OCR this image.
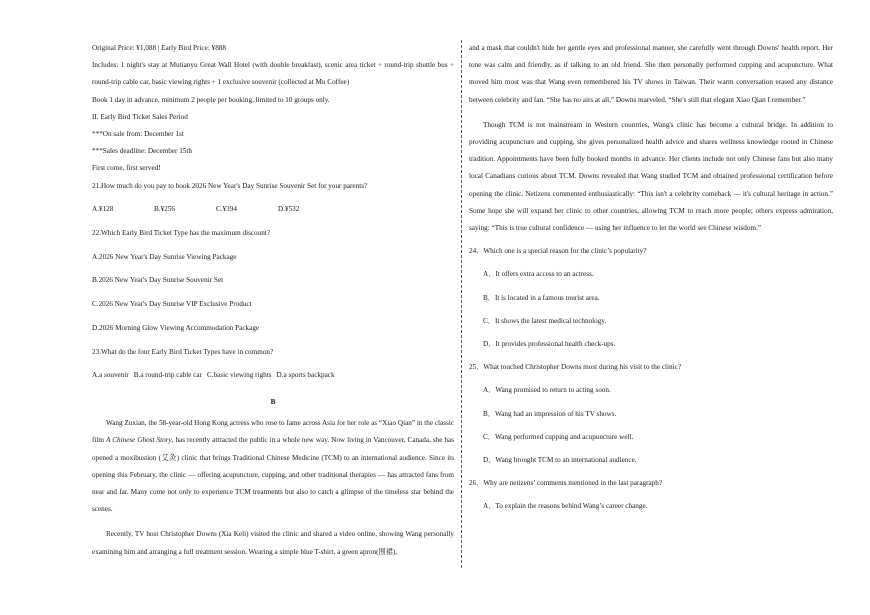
Original Price: ¥1,088 | Early Bird Price: ¥888

Includes: 1 night's stay at Mutianyu Great Wall Hotel (with double breakfast), scenic area ticket + round-trip shuttle bus + round-trip cable car, basic viewing rights + 1 exclusive souvenir (collected at Mu Coffee)

Book 1 day in advance, minimum 2 people per booking, limited to 10 groups only.

II. Early Bird Ticket Sales Period

***On sale from: December 1st

***Sales deadline: December 15th

First come, first served!

21.How much do you pay to book 2026 New Year's Day Sunrise Souvenir Set for your parents?

A.¥128	B.¥256	C.¥394	D.¥532

22.Which Early Bird Ticket Type has the maximum discount?

A.2026 New Year's Day Sunrise Viewing Package

B.2026 New Year's Day Sunrise Souvenir Set

C.2026 New Year's Day Sunrise VIP Exclusive Product

D.2026 Morning Glow Viewing Accommodation Package

23.What do the four Early Bird Ticket Types have in common?

A.a souvenir B.a round-trip cable car C.basic viewing rights D.a sports backpack

B

Wang Zuxian, the 58-year-old Hong Kong actress who rose to fame across Asia for her role as “Xiao Qian” in the classic film A Chinese Ghost Story, has recently attracted the public in a whole new way. Now living in Vancouver, Canada, she has opened a moxibustion (艾灸) clinic that brings Traditional Chinese Medicine (TCM) to an international audience. Since its opening this February, the clinic — offering acupuncture, cupping, and other traditional therapies — has attracted fans from near and far. Many come not only to experience TCM treatments but also to catch a glimpse of the timeless star behind the scenes.

Recently, TV host Christopher Downs (Xia Keli) visited the clinic and shared a video online, showing Wang personally examining him and arranging a full treatment session. Wearing a simple blue T-shirt, a green apron(围裙),

and a mask that couldn't hide her gentle eyes and professional manner, she carefully went through Downs' health report. Her tone was calm and friendly, as if talking to an old friend. She then personally performed cupping and acupuncture. What moved him most was that Wang even remembered his TV shows in Taiwan. Their warm conversation erased any distance between celebrity and fan. “She has no airs at all,” Downs marveled. “She's still that elegant Xiao Qian I remember.”

Though TCM is not mainstream in Western countries, Wang's clinic has become a cultural bridge. In addition to providing acupuncture and cupping, she gives personalized health advice and shares wellness knowledge rooted in Chinese tradition. Appointments have been fully booked months in advance. Her clients include not only Chinese fans but also many local Canadians curious about TCM. Downs revealed that Wang studied TCM and obtained professional certification before opening the clinic. Netizens commented enthusiastically: “This isn't a celebrity comeback — it's cultural heritage in action.” Some hope she will expand her clinic to other countries, allowing TCM to reach more people; others express admiration, saying: “This is true cultural confidence — using her influence to let the world see Chinese wisdom.”

24．Which one is a special reason for the clinic’s popularity?

A．It offers extra access to an actress.

B．It is located in a famous tourist area.

C．It shows the latest medical technology.

D．It provides professional health check-ups.

25．What touched Christopher Downs most during his visit to the clinic?

A．Wang promised to return to acting soon.

B．Wang had an impression of his TV shows.

C．Wang performed cupping and acupuncture well.

D．Wang brought TCM to an international audience.

26．Why are netizens’ comments mentioned in the last paragraph?

A．To explain the reasons behind Wang’s career change.
